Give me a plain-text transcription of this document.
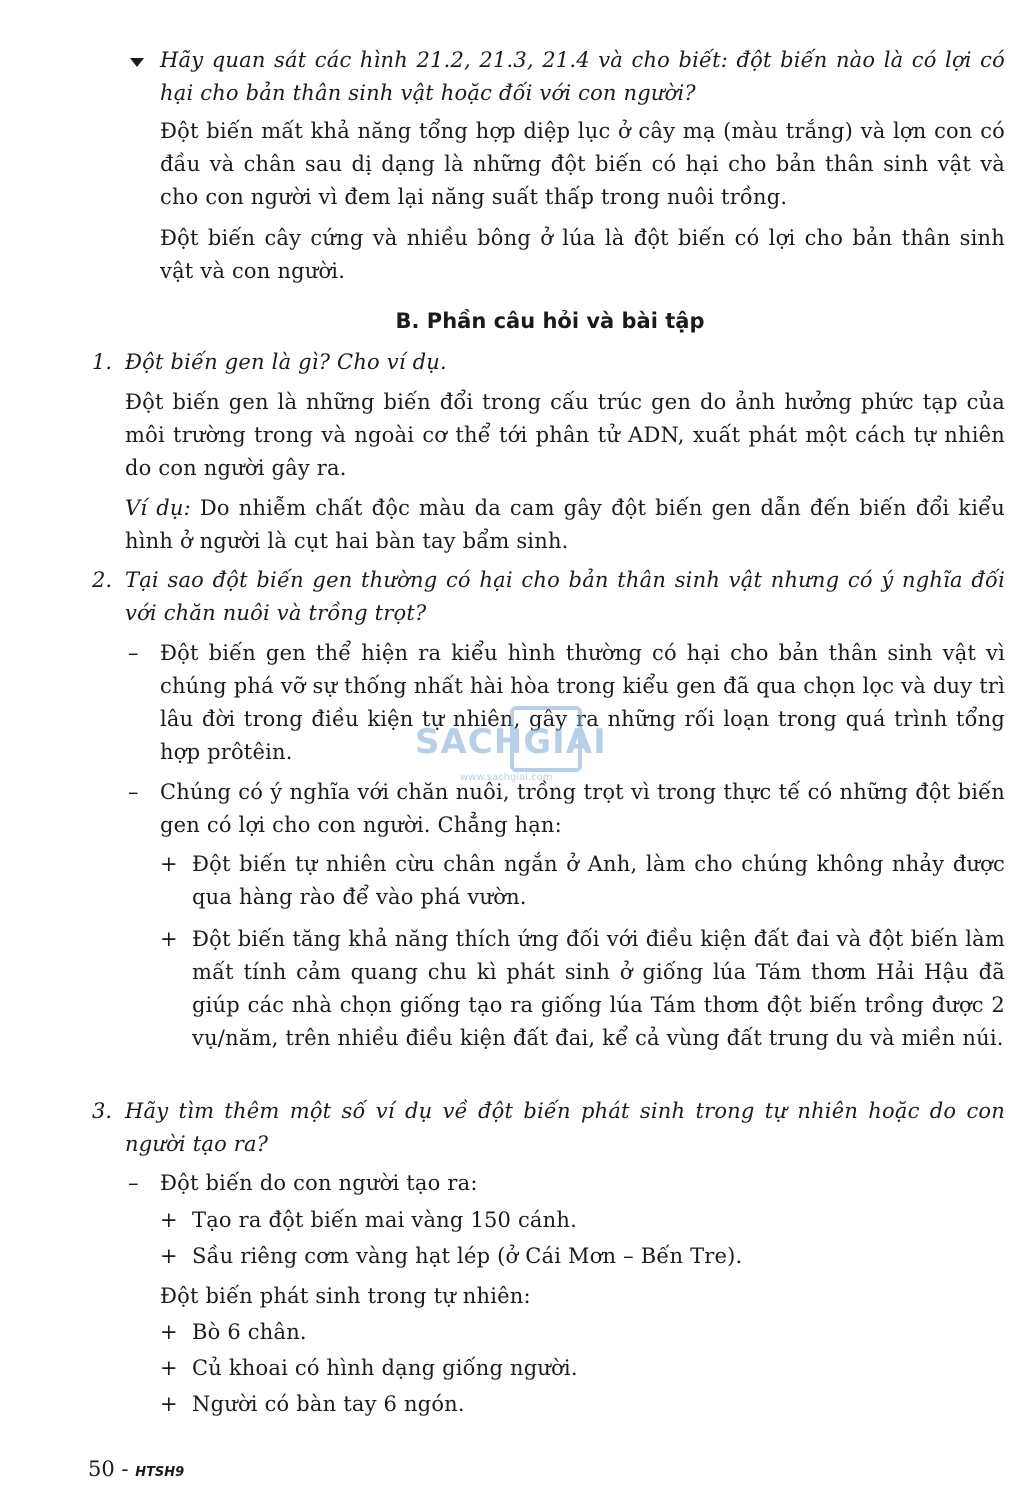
Hãy quan sát các hình 21.2, 21.3, 21.4 và cho biết: đột biến nào là có lợi có hại cho bản thân sinh vật hoặc đối với con người?

Đột biến mất khả năng tổng hợp diệp lục ở cây mạ (màu trắng) và lợn con có đầu và chân sau dị dạng là những đột biến có hại cho bản thân sinh vật và cho con người vì đem lại năng suất thấp trong nuôi trồng.

Đột biến cây cứng và nhiều bông ở lúa là đột biến có lợi cho bản thân sinh vật và con người.

B. Phần câu hỏi và bài tập

1. Đột biến gen là gì? Cho ví dụ.

Đột biến gen là những biến đổi trong cấu trúc gen do ảnh hưởng phức tạp của môi trường trong và ngoài cơ thể tới phân tử ADN, xuất phát một cách tự nhiên do con người gây ra.

Ví dụ: Do nhiễm chất độc màu da cam gây đột biến gen dẫn đến biến đổi kiểu hình ở người là cụt hai bàn tay bẩm sinh.

2. Tại sao đột biến gen thường có hại cho bản thân sinh vật nhưng có ý nghĩa đối với chăn nuôi và trồng trọt?

– Đột biến gen thể hiện ra kiểu hình thường có hại cho bản thân sinh vật vì chúng phá vỡ sự thống nhất hài hòa trong kiểu gen đã qua chọn lọc và duy trì lâu đời trong điều kiện tự nhiên, gây ra những rối loạn trong quá trình tổng hợp prôtêin.

– Chúng có ý nghĩa với chăn nuôi, trồng trọt vì trong thực tế có những đột biến gen có lợi cho con người. Chẳng hạn:

+ Đột biến tự nhiên cừu chân ngắn ở Anh, làm cho chúng không nhảy được qua hàng rào để vào phá vườn.

+ Đột biến tăng khả năng thích ứng đối với điều kiện đất đai và đột biến làm mất tính cảm quang chu kì phát sinh ở giống lúa Tám thơm Hải Hậu đã giúp các nhà chọn giống tạo ra giống lúa Tám thơm đột biến trồng được 2 vụ/năm, trên nhiều điều kiện đất đai, kể cả vùng đất trung du và miền núi.

3. Hãy tìm thêm một số ví dụ về đột biến phát sinh trong tự nhiên hoặc do con người tạo ra?

– Đột biến do con người tạo ra:

+ Tạo ra đột biến mai vàng 150 cánh.

+ Sầu riêng cơm vàng hạt lép (ở Cái Mơn – Bến Tre).

Đột biến phát sinh trong tự nhiên:

+ Bò 6 chân.

+ Củ khoai có hình dạng giống người.

+ Người có bàn tay 6 ngón.

SACHGIAI
www.sachgiai.com

50 - HTSH9
